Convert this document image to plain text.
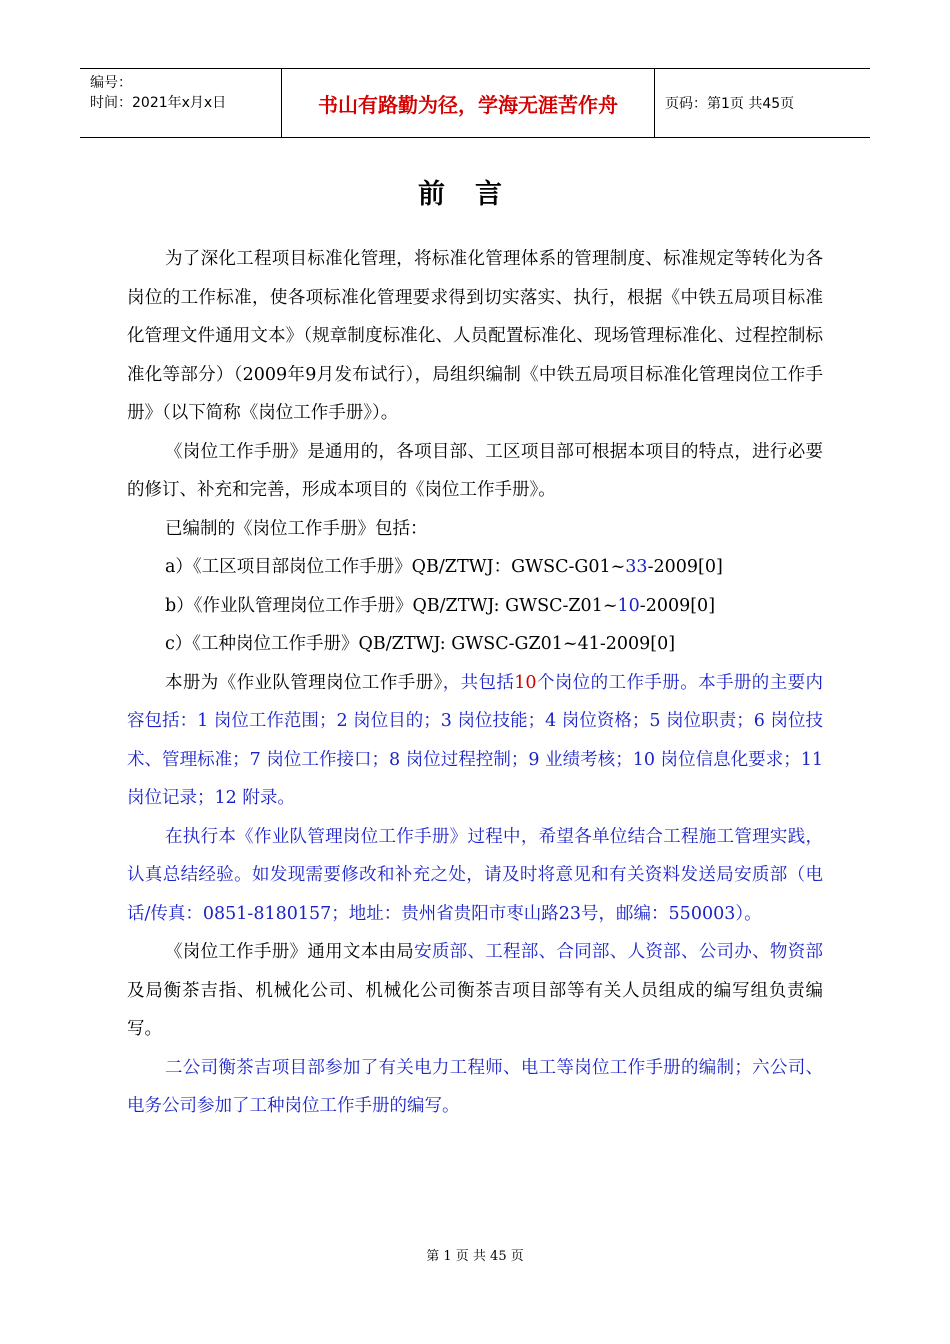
编号：
时间：2021年x月x日	书山有路勤为径，学海无涯苦作舟	页码：第1页 共45页
前言

为了深化工程项目标准化管理，将标准化管理体系的管理制度、标准规定等转化为各岗位的工作标准，使各项标准化管理要求得到切实落实、执行，根据《中铁五局项目标准化管理文件通用文本》（规章制度标准化、人员配置标准化、现场管理标准化、过程控制标准化等部分）（2009年9月发布试行），局组织编制《中铁五局项目标准化管理岗位工作手册》（以下简称《岗位工作手册》）。

《岗位工作手册》是通用的，各项目部、工区项目部可根据本项目的特点，进行必要的修订、补充和完善，形成本项目的《岗位工作手册》。

已编制的《岗位工作手册》包括：

a）《工区项目部岗位工作手册》QB/ZTWJ：GWSC-G01~33-2009[0]

b）《作业队管理岗位工作手册》QB/ZTWJ: GWSC-Z01~10-2009[0]

c）《工种岗位工作手册》QB/ZTWJ: GWSC-GZ01~41-2009[0]

本册为《作业队管理岗位工作手册》，共包括10个岗位的工作手册。本手册的主要内容包括：1 岗位工作范围；2 岗位目的；3 岗位技能；4 岗位资格；5 岗位职责；6 岗位技术、管理标准；7 岗位工作接口；8 岗位过程控制；9 业绩考核；10 岗位信息化要求；11 岗位记录；12 附录。

在执行本《作业队管理岗位工作手册》过程中，希望各单位结合工程施工管理实践，认真总结经验。如发现需要修改和补充之处，请及时将意见和有关资料发送局安质部（电话/传真：0851-8180157；地址：贵州省贵阳市枣山路23号，邮编：550003）。

《岗位工作手册》通用文本由局安质部、工程部、合同部、人资部、公司办、物资部及局衡茶吉指、机械化公司、机械化公司衡茶吉项目部等有关人员组成的编写组负责编写。

二公司衡茶吉项目部参加了有关电力工程师、电工等岗位工作手册的编制；六公司、电务公司参加了工种岗位工作手册的编写。

第 1 页 共 45 页
